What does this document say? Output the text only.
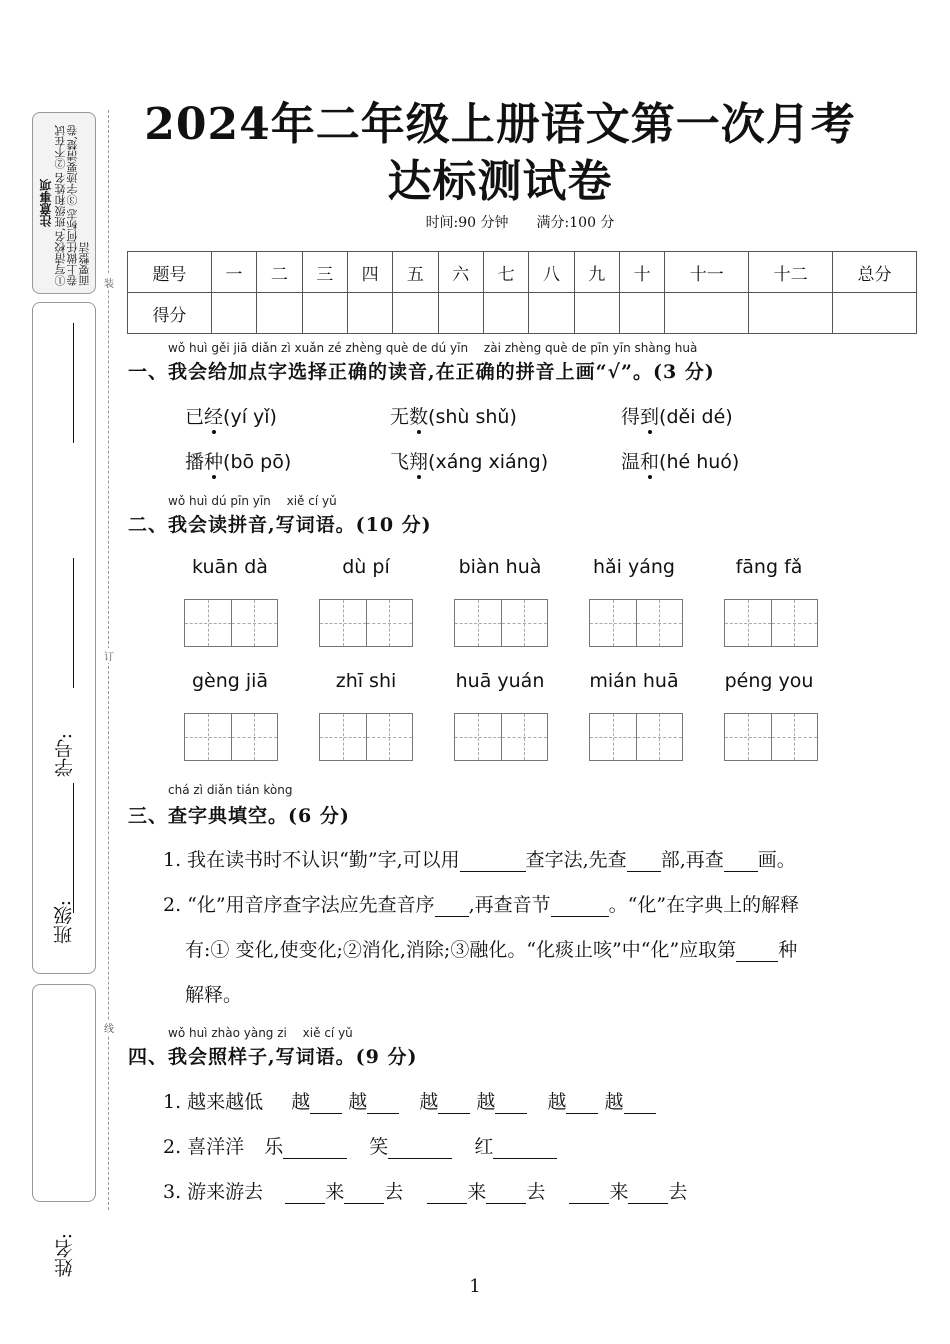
2024年二年级上册语文第一次月考
达标测试卷
时间:90 分钟　　满分:100 分
注意事项 ①写清校名,班级和姓名 ②不在试卷上做任何标志 ③字迹要清楚,卷面要整洁
学号:
姓名:
班级:
装
订
线
题号	一	二	三	四	五	六	七	八	九	十	十一	十二	总分
得分													
wǒ huì gěi jiā diǎn zì xuǎn zé zhèng què de dú yīn　 zài zhèng què de pīn yīn shàng huà
一、我会给加点字选择正确的读音,在正确的拼音上画“√”。(3 分)
已经(yí yǐ)	无数(shù shǔ)	得到(děi dé)
播种(bō pō)	飞翔(xáng xiáng)	温和(hé huó)
wǒ huì dú pīn yīn　 xiě cí yǔ
二、我会读拼音,写词语。(10 分)
kuān dà	dù pí	biàn huà	hǎi yáng	fāng fǎ
gèng jiā	zhī shi	huā yuán	mián huā	péng you
chá zì diǎn tián kòng
三、查字典填空。(6 分)
1. 我在读书时不认识“勤”字,可以用	查字法,先查 部,再查 画。
2. “化”用音序查字法应先查音序 ,再查音节	。“化”在字典上的解释
有:① 变化,使变化;②消化,消除;③融化。“化痰止咳”中“化”应取第 种
解释。
wǒ huì zhào yàng zi　 xiě cí yǔ
四、我会照样子,写词语。(9 分)
1. 越来越低 越 越	越 越	越 越
2. 喜洋洋 乐	笑	红
3. 游来游去	来 去	来 去	来 去
1
